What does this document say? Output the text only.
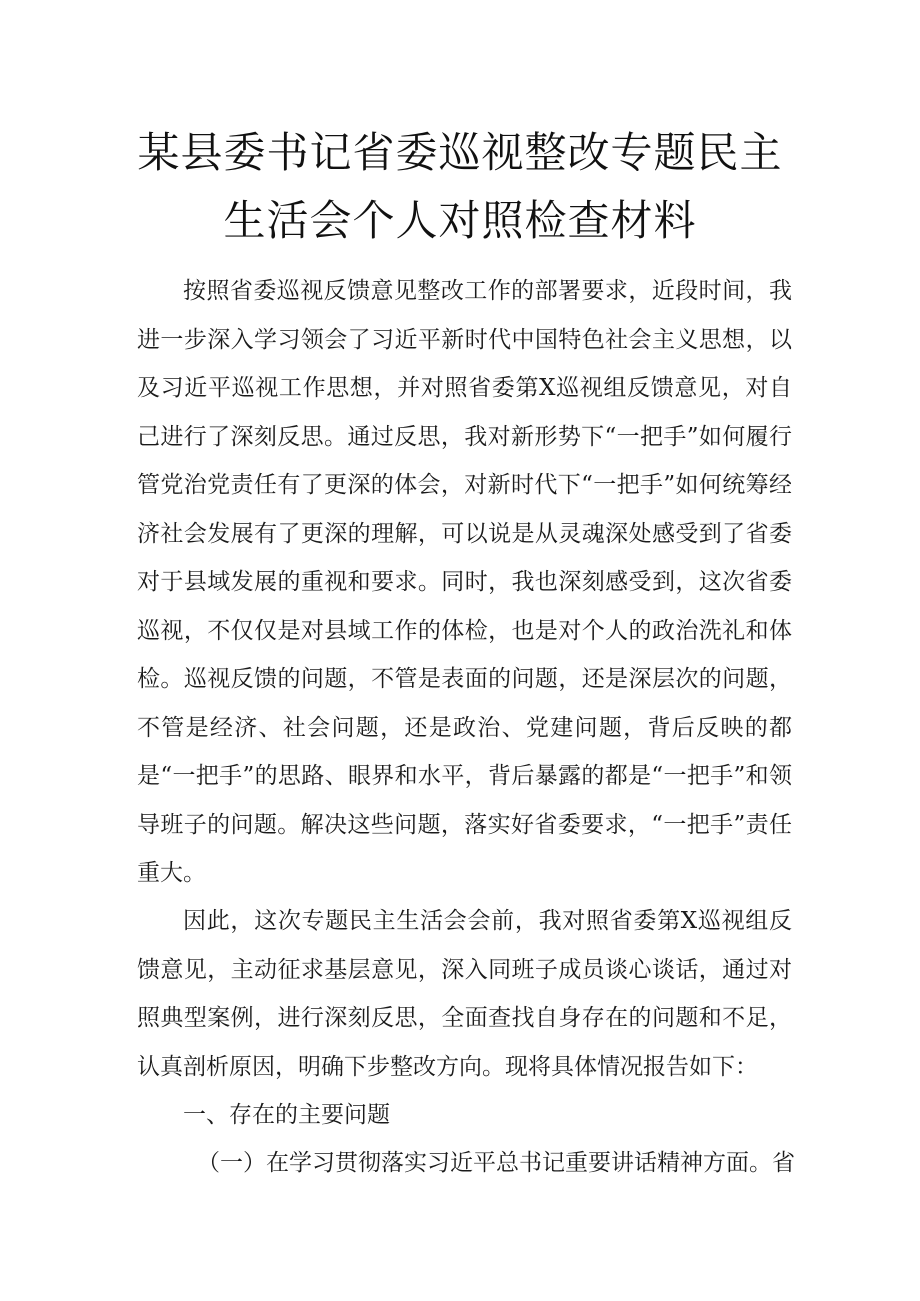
某县委书记省委巡视整改专题民主
生活会个人对照检查材料
按照省委巡视反馈意见整改工作的部署要求，近段时间，我进一步深入学习领会了习近平新时代中国特色社会主义思想，以及习近平巡视工作思想，并对照省委第X巡视组反馈意见，对自己进行了深刻反思。通过反思，我对新形势下“一把手”如何履行管党治党责任有了更深的体会，对新时代下“一把手”如何统筹经济社会发展有了更深的理解，可以说是从灵魂深处感受到了省委对于县域发展的重视和要求。同时，我也深刻感受到，这次省委巡视，不仅仅是对县域工作的体检，也是对个人的政治洗礼和体检。巡视反馈的问题，不管是表面的问题，还是深层次的问题，不管是经济、社会问题，还是政治、党建问题，背后反映的都是“一把手”的思路、眼界和水平，背后暴露的都是“一把手”和领导班子的问题。解决这些问题，落实好省委要求，“一把手”责任重大。
因此，这次专题民主生活会会前，我对照省委第X巡视组反馈意见，主动征求基层意见，深入同班子成员谈心谈话，通过对照典型案例，进行深刻反思，全面查找自身存在的问题和不足，认真剖析原因，明确下步整改方向。现将具体情况报告如下：
一、存在的主要问题
（一）在学习贯彻落实习近平总书记重要讲话精神方面。省
